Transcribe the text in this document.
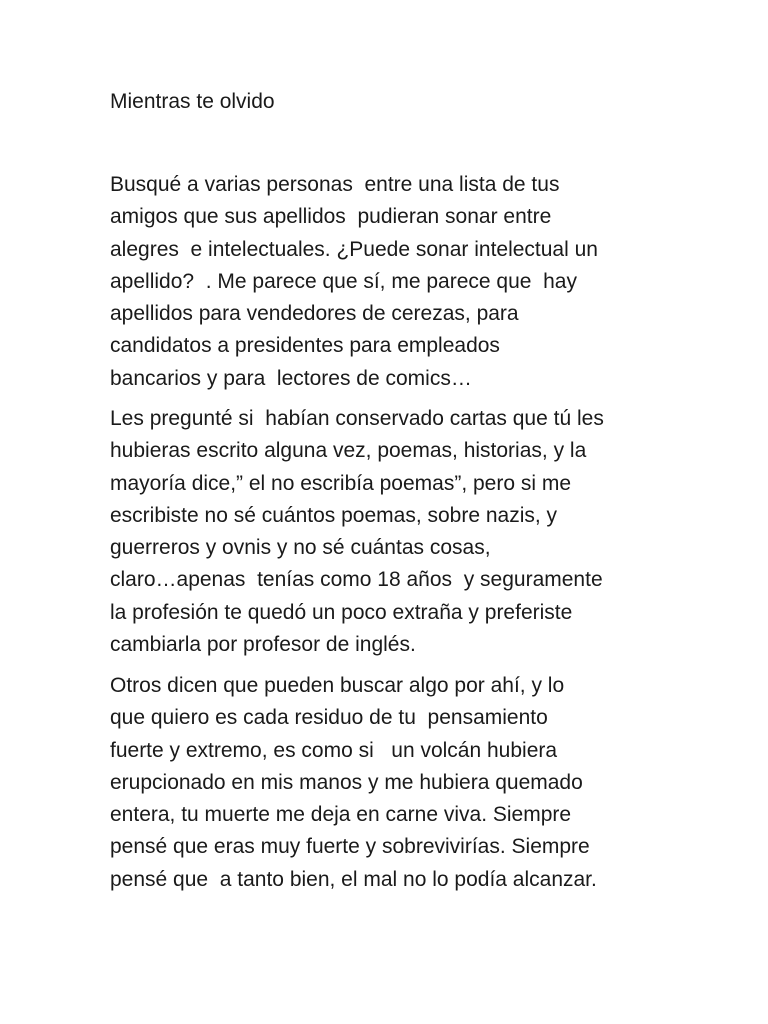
Mientras te olvido

Busqué a varias personas  entre una lista de tus
amigos que sus apellidos  pudieran sonar entre
alegres  e intelectuales. ¿Puede sonar intelectual un
apellido?  . Me parece que sí, me parece que  hay
apellidos para vendedores de cerezas, para
candidatos a presidentes para empleados
bancarios y para  lectores de comics…

Les pregunté si  habían conservado cartas que tú les
hubieras escrito alguna vez, poemas, historias, y la
mayoría dice,” el no escribía poemas”, pero si me
escribiste no sé cuántos poemas, sobre nazis, y
guerreros y ovnis y no sé cuántas cosas,
claro…apenas  tenías como 18 años  y seguramente
la profesión te quedó un poco extraña y preferiste
cambiarla por profesor de inglés.

Otros dicen que pueden buscar algo por ahí, y lo
que quiero es cada residuo de tu  pensamiento
fuerte y extremo, es como si   un volcán hubiera
erupcionado en mis manos y me hubiera quemado
entera, tu muerte me deja en carne viva. Siempre
pensé que eras muy fuerte y sobrevivirías. Siempre
pensé que  a tanto bien, el mal no lo podía alcanzar.
